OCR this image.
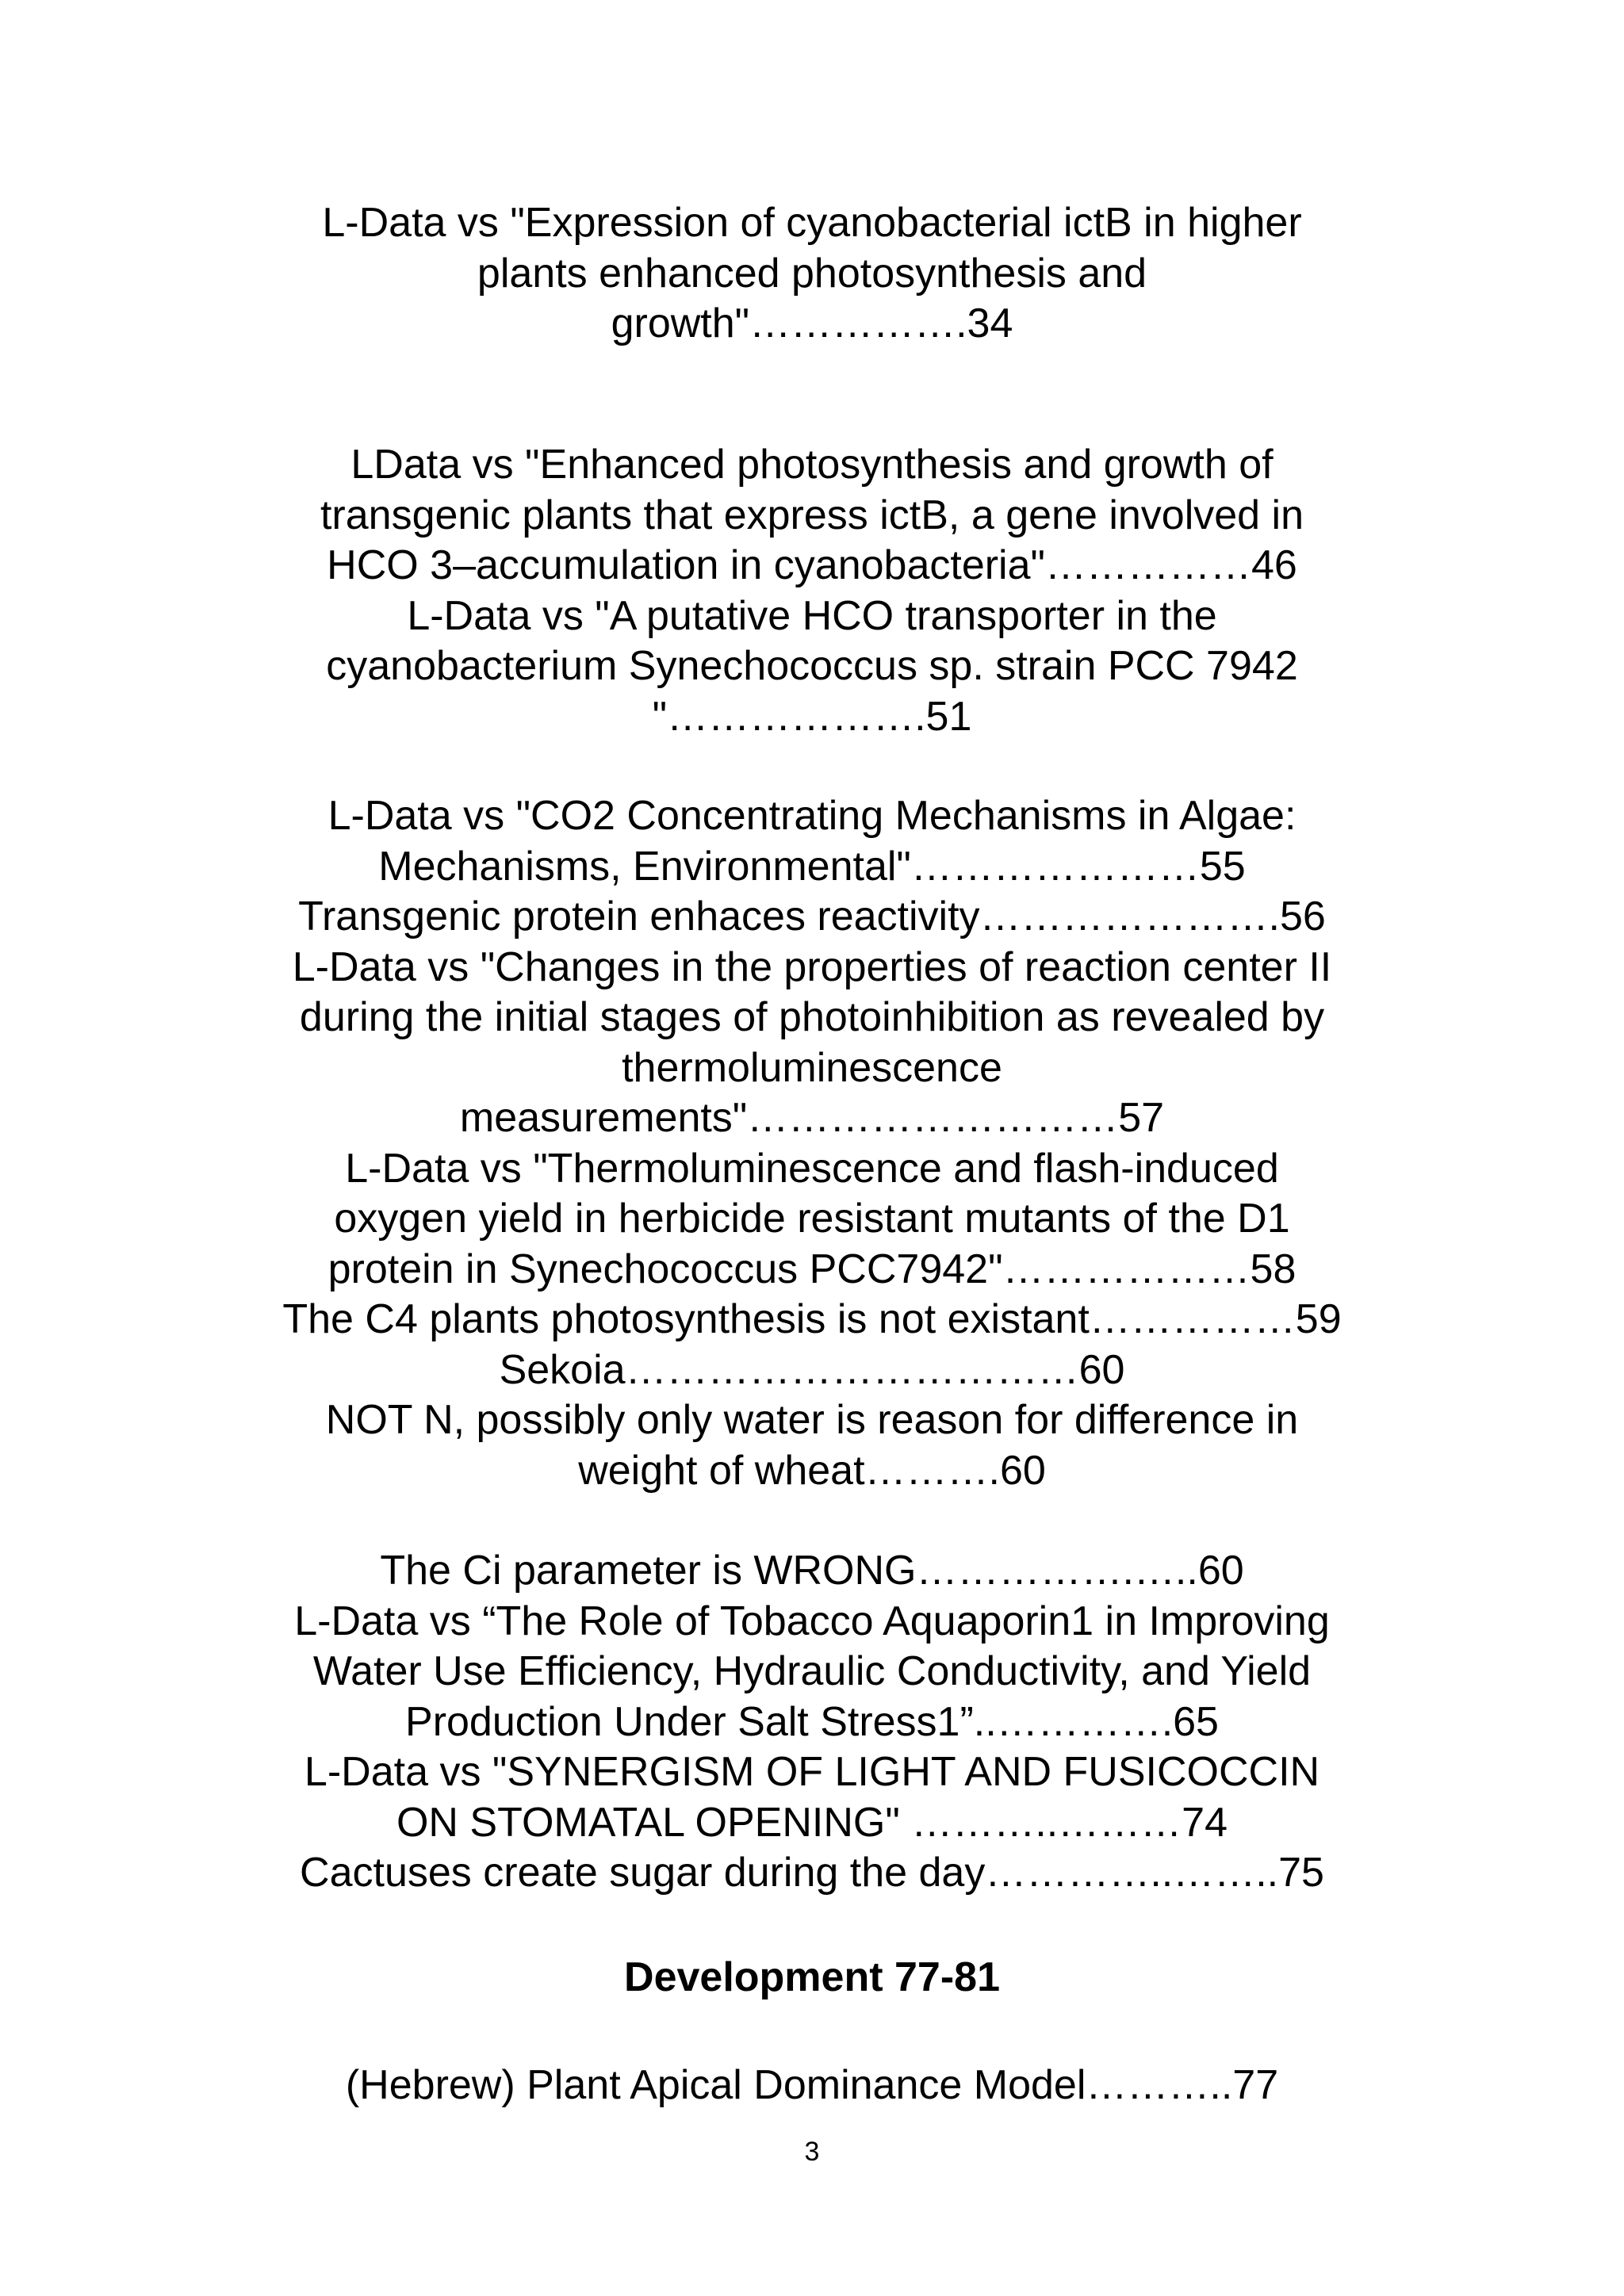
L-Data vs "Expression of cyanobacterial ictB in higher

plants enhanced photosynthesis and

growth"…………….34

LData vs "Enhanced photosynthesis and growth of

transgenic plants that express ictB, a gene involved in

HCO 3–accumulation in cyanobacteria"……………46

L-Data vs "A putative HCO transporter in the

cyanobacterium Synechococcus sp. strain PCC 7942

"……………….51

L-Data vs "CO2 Concentrating Mechanisms in Algae:

Mechanisms, Environmental"…………………55

Transgenic protein enhaces reactivity………………….56

L-Data vs "Changes in the properties of reaction center II

during the initial stages of photoinhibition as revealed by

thermoluminescence

measurements"………………………57

L-Data vs "Thermoluminescence and flash-induced

oxygen yield in herbicide resistant mutants of the D1

protein in Synechococcus PCC7942"………………58

The C4 plants photosynthesis is not existant……………59

Sekoia……………………………60

NOT N, possibly only water is reason for difference in

weight of wheat……….60

The Ci parameter is WRONG…………….…..60

L-Data vs “The Role of Tobacco Aquaporin1 in Improving

Water Use Efficiency, Hydraulic Conductivity, and Yield

Production Under Salt Stress1”..………….65

L-Data vs "SYNERGISM OF LIGHT AND FUSICOCCIN

ON STOMATAL OPENING" ………..………74

Cactuses create sugar during the day…………..……..75

Development 77-81

(Hebrew) Plant Apical Dominance Model………..77

3
